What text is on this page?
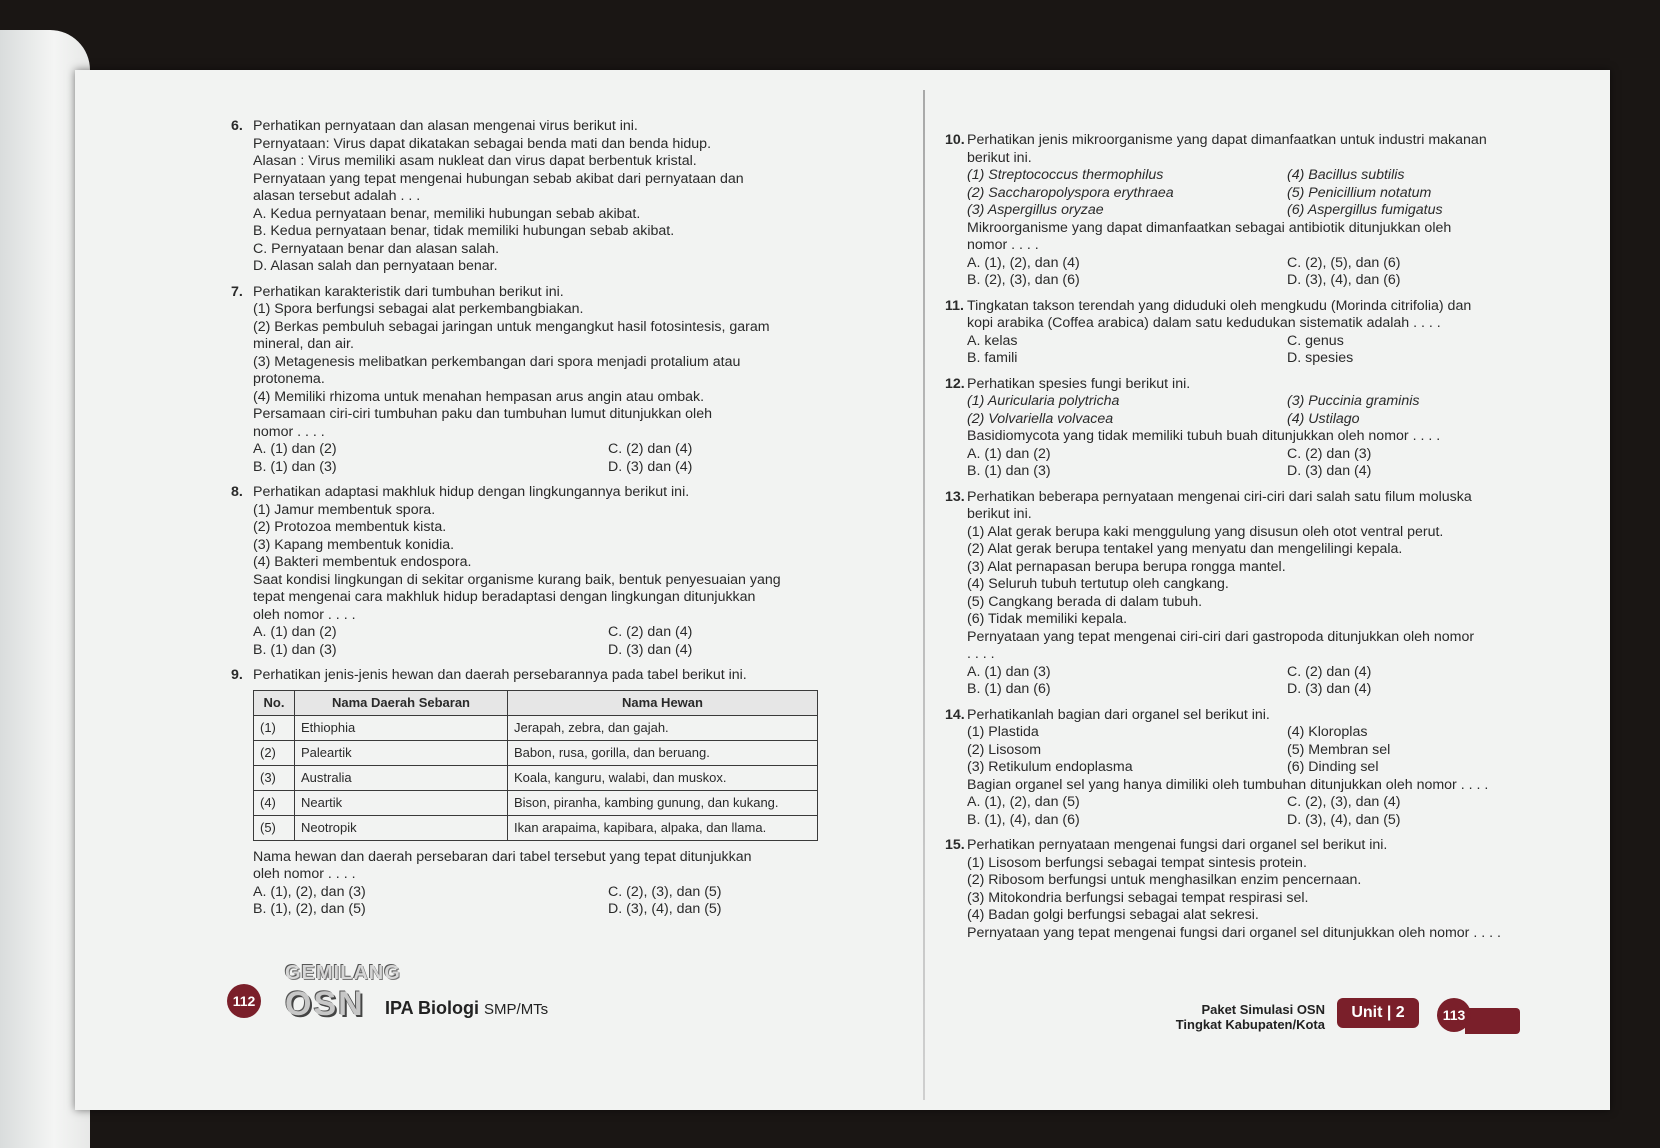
6. Perhatikan pernyataan dan alasan mengenai virus berikut ini.
Pernyataan: Virus dapat dikatakan sebagai benda mati dan benda hidup.
Alasan : Virus memiliki asam nukleat dan virus dapat berbentuk kristal.
Pernyataan yang tepat mengenai hubungan sebab akibat dari pernyataan dan
alasan tersebut adalah . . .
A. Kedua pernyataan benar, memiliki hubungan sebab akibat.
B. Kedua pernyataan benar, tidak memiliki hubungan sebab akibat.
C. Pernyataan benar dan alasan salah.
D. Alasan salah dan pernyataan benar.
7. Perhatikan karakteristik dari tumbuhan berikut ini.
(1) Spora berfungsi sebagai alat perkembangbiakan.
(2) Berkas pembuluh sebagai jaringan untuk mengangkut hasil fotosintesis, garam
mineral, dan air.
(3) Metagenesis melibatkan perkembangan dari spora menjadi protalium atau
protonema.
(4) Memiliki rhizoma untuk menahan hempasan arus angin atau ombak.
Persamaan ciri-ciri tumbuhan paku dan tumbuhan lumut ditunjukkan oleh
nomor . . . .
A. (1) dan (2)	C. (2) dan (4)
B. (1) dan (3)	D. (3) dan (4)
8. Perhatikan adaptasi makhluk hidup dengan lingkungannya berikut ini.
(1) Jamur membentuk spora.
(2) Protozoa membentuk kista.
(3) Kapang membentuk konidia.
(4) Bakteri membentuk endospora.
Saat kondisi lingkungan di sekitar organisme kurang baik, bentuk penyesuaian yang
tepat mengenai cara makhluk hidup beradaptasi dengan lingkungan ditunjukkan
oleh nomor . . . .
A. (1) dan (2)	C. (2) dan (4)
B. (1) dan (3)	D. (3) dan (4)
9. Perhatikan jenis-jenis hewan dan daerah persebarannya pada tabel berikut ini.
No.	Nama Daerah Sebaran	Nama Hewan
(1)	Ethiophia	Jerapah, zebra, dan gajah.
(2)	Paleartik	Babon, rusa, gorilla, dan beruang.
(3)	Australia	Koala, kanguru, walabi, dan muskox.
(4)	Neartik	Bison, piranha, kambing gunung, dan kukang.
(5)	Neotropik	Ikan arapaima, kapibara, alpaka, dan llama.
Nama hewan dan daerah persebaran dari tabel tersebut yang tepat ditunjukkan
oleh nomor . . . .
A. (1), (2), dan (3)	C. (2), (3), dan (5)
B. (1), (2), dan (5)	D. (3), (4), dan (5)
10. Perhatikan jenis mikroorganisme yang dapat dimanfaatkan untuk industri makanan
berikut ini.
(1) Streptococcus thermophilus	(4) Bacillus subtilis
(2) Saccharopolyspora erythraea	(5) Penicillium notatum
(3) Aspergillus oryzae	(6) Aspergillus fumigatus
Mikroorganisme yang dapat dimanfaatkan sebagai antibiotik ditunjukkan oleh
nomor . . . .
A. (1), (2), dan (4)	C. (2), (5), dan (6)
B. (2), (3), dan (6)	D. (3), (4), dan (6)
11. Tingkatan takson terendah yang diduduki oleh mengkudu (Morinda citrifolia) dan
kopi arabika (Coffea arabica) dalam satu kedudukan sistematik adalah . . . .
A. kelas	C. genus
B. famili	D. spesies
12. Perhatikan spesies fungi berikut ini.
(1) Auricularia polytricha	(3) Puccinia graminis
(2) Volvariella volvacea	(4) Ustilago
Basidiomycota yang tidak memiliki tubuh buah ditunjukkan oleh nomor . . . .
A. (1) dan (2)	C. (2) dan (3)
B. (1) dan (3)	D. (3) dan (4)
13. Perhatikan beberapa pernyataan mengenai ciri-ciri dari salah satu filum moluska
berikut ini.
(1) Alat gerak berupa kaki menggulung yang disusun oleh otot ventral perut.
(2) Alat gerak berupa tentakel yang menyatu dan mengelilingi kepala.
(3) Alat pernapasan berupa berupa rongga mantel.
(4) Seluruh tubuh tertutup oleh cangkang.
(5) Cangkang berada di dalam tubuh.
(6) Tidak memiliki kepala.
Pernyataan yang tepat mengenai ciri-ciri dari gastropoda ditunjukkan oleh nomor
. . . .
A. (1) dan (3)	C. (2) dan (4)
B. (1) dan (6)	D. (3) dan (4)
14. Perhatikanlah bagian dari organel sel berikut ini.
(1) Plastida	(4) Kloroplas
(2) Lisosom	(5) Membran sel
(3) Retikulum endoplasma	(6) Dinding sel
Bagian organel sel yang hanya dimiliki oleh tumbuhan ditunjukkan oleh nomor . . . .
A. (1), (2), dan (5)	C. (2), (3), dan (4)
B. (1), (4), dan (6)	D. (3), (4), dan (5)
15. Perhatikan pernyataan mengenai fungsi dari organel sel berikut ini.
(1) Lisosom berfungsi sebagai tempat sintesis protein.
(2) Ribosom berfungsi untuk menghasilkan enzim pencernaan.
(3) Mitokondria berfungsi sebagai tempat respirasi sel.
(4) Badan golgi berfungsi sebagai alat sekresi.
Pernyataan yang tepat mengenai fungsi dari organel sel ditunjukkan oleh nomor . . . .
112
GEMILANG
OSN	IPA Biologi SMP/MTs	Paket Simulasi OSN
Tingkat Kabupaten/Kota
Unit | 2	113
